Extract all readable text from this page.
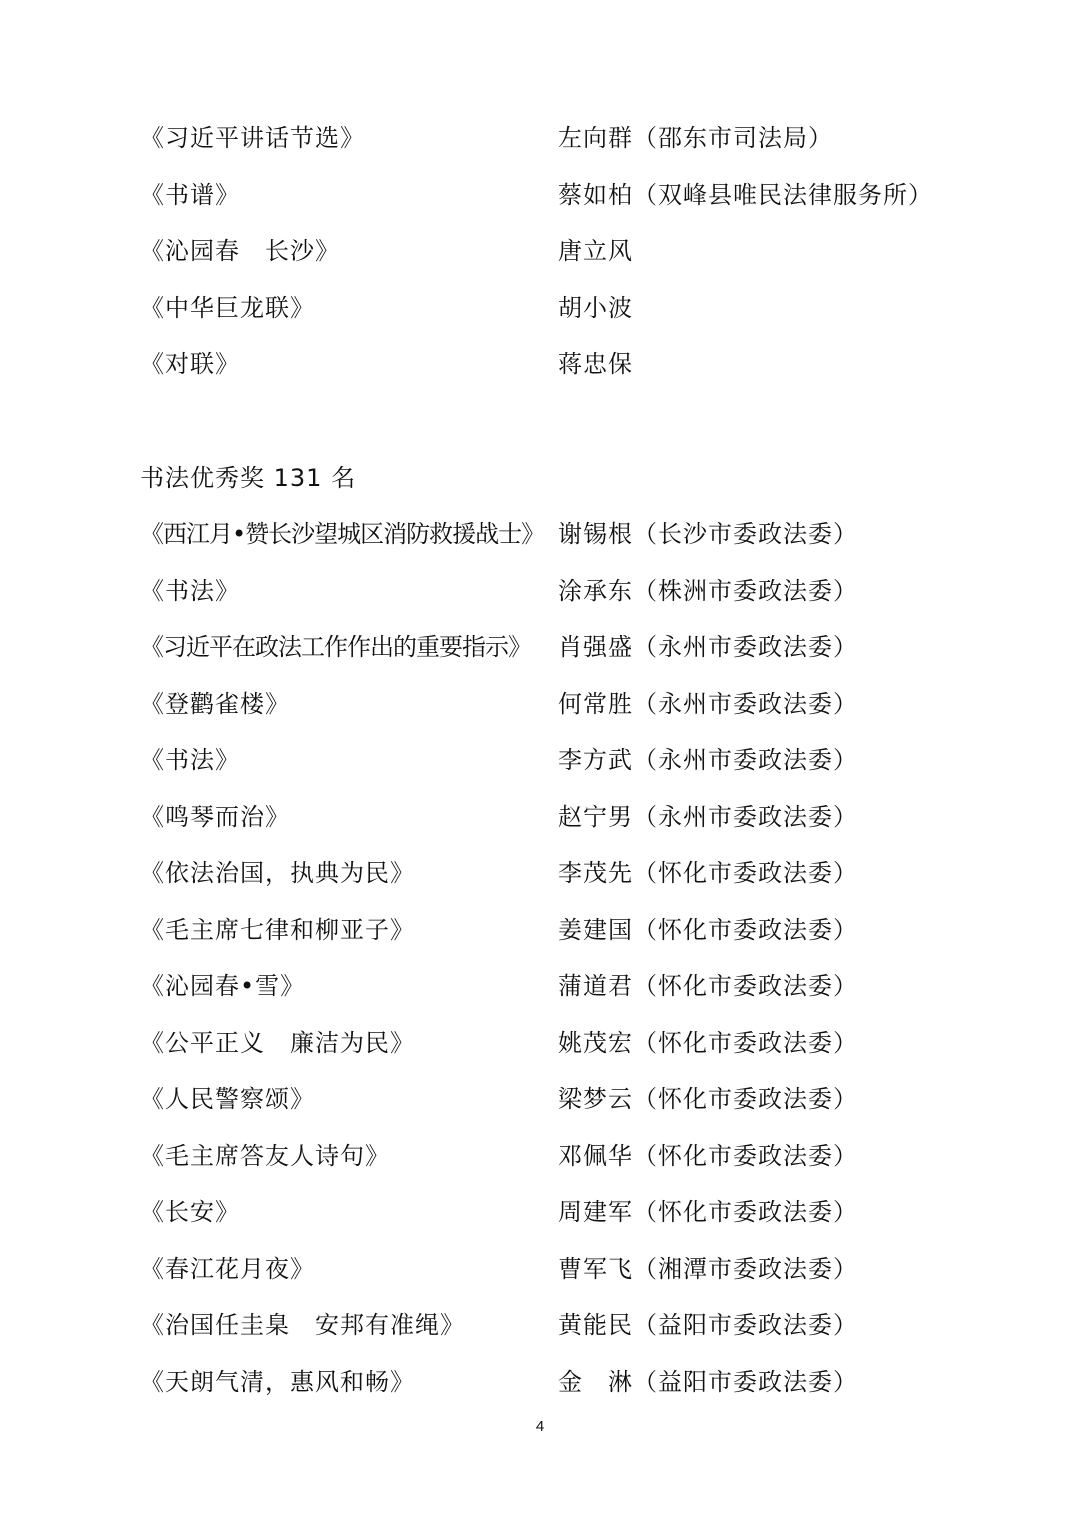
《习近平讲话节选》	左向群（邵东市司法局）
《书谱》	蔡如柏（双峰县唯民法律服务所）
《沁园春　长沙》	唐立风
《中华巨龙联》	胡小波
《对联》	蒋忠保
书法优秀奖 131 名
《西江月•赞长沙望城区消防救援战士》 谢锡根（长沙市委政法委）
《书法》	涂承东（株洲市委政法委）
《习近平在政法工作作出的重要指示》 肖强盛（永州市委政法委）
《登鹳雀楼》	何常胜（永州市委政法委）
《书法》	李方武（永州市委政法委）
《鸣琴而治》	赵宁男（永州市委政法委）
《依法治国，执典为民》	李茂先（怀化市委政法委）
《毛主席七律和柳亚子》	姜建国（怀化市委政法委）
《沁园春•雪》	蒲道君（怀化市委政法委）
《公平正义　廉洁为民》	姚茂宏（怀化市委政法委）
《人民警察颂》	梁梦云（怀化市委政法委）
《毛主席答友人诗句》	邓佩华（怀化市委政法委）
《长安》	周建军（怀化市委政法委）
《春江花月夜》	曹军飞（湘潭市委政法委）
《治国任圭臬　安邦有准绳》	黄能民（益阳市委政法委）
《天朗气清，惠风和畅》	金　淋（益阳市委政法委）
4
